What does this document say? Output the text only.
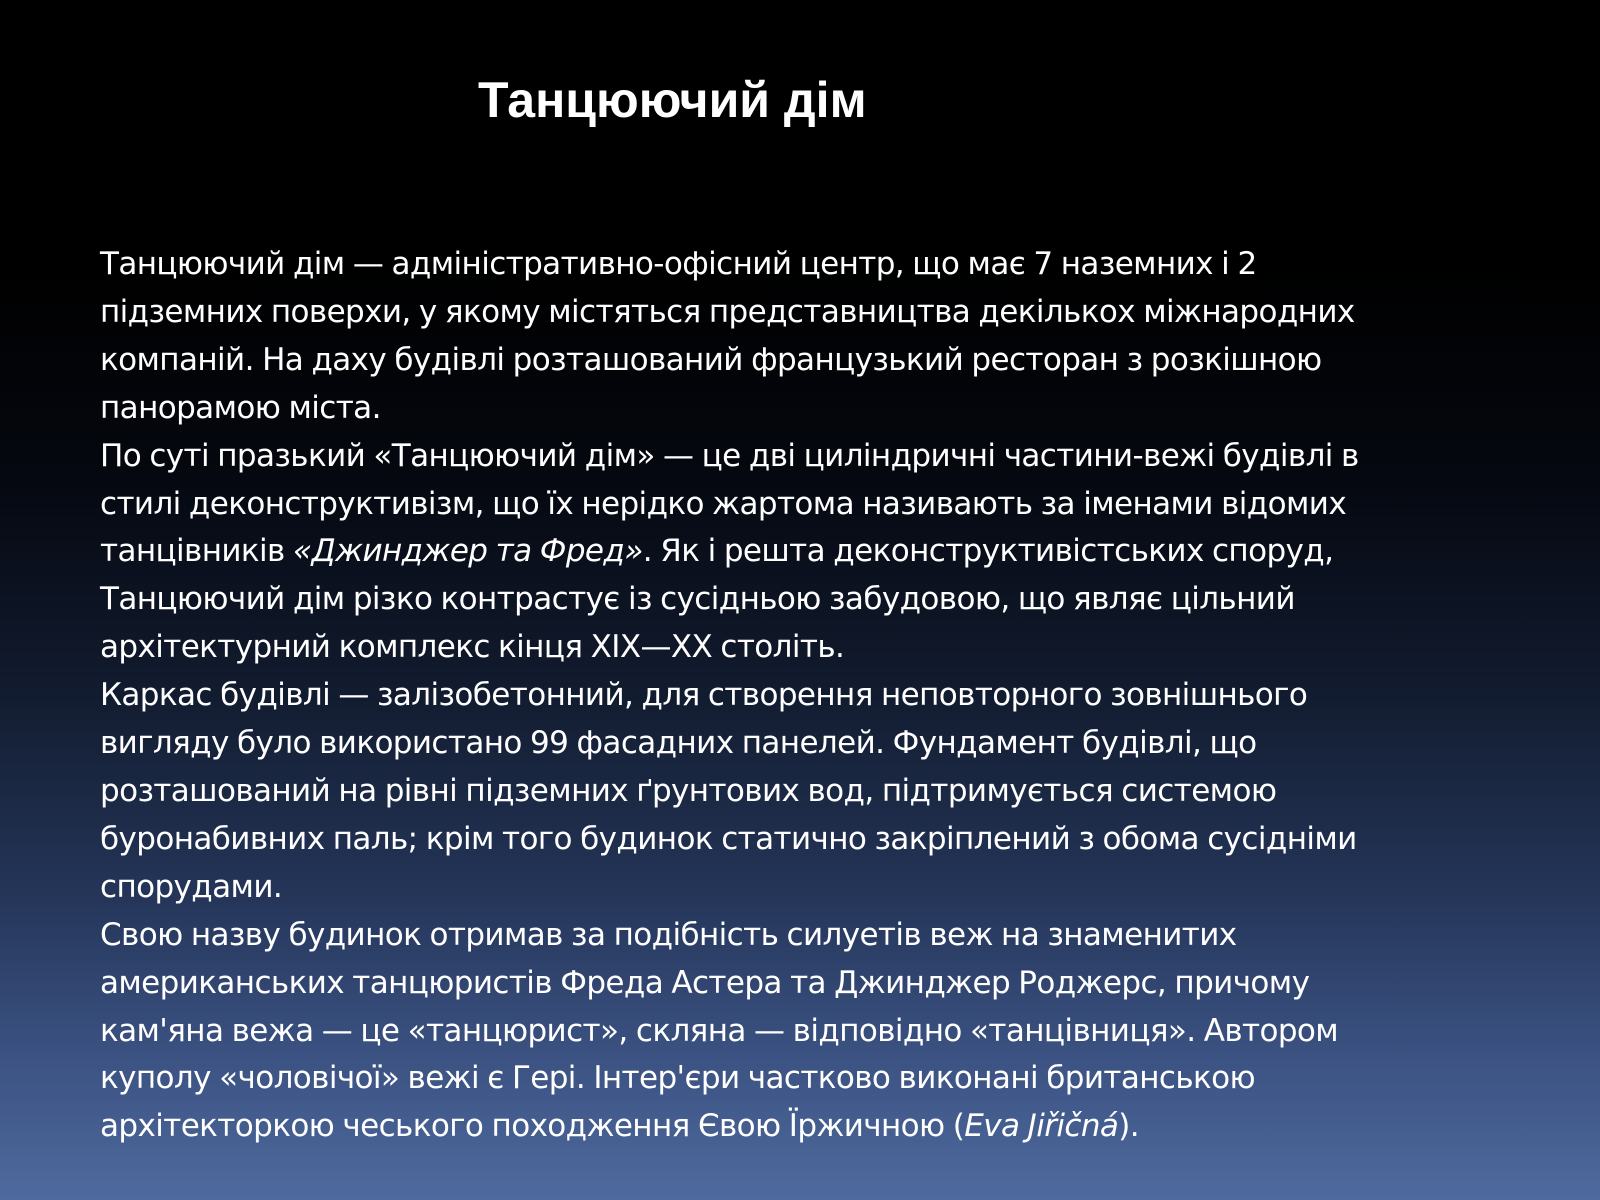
Танцюючий дім
Танцюючий дім — адміністративно-офісний центр, що має 7 наземних і 2
підземних поверхи, у якому містяться представництва декількох міжнародних
компаній. На даху будівлі розташований французький ресторан з розкішною
панорамою міста.
По суті празький «Танцюючий дім» — це дві циліндричні частини-вежі будівлі в
стилі деконструктивізм, що їх нерідко жартома називають за іменами відомих
танцівників «Джинджер та Фред». Як і решта деконструктивістських споруд,
Танцюючий дім різко контрастує із сусідньою забудовою, що являє цільний
архітектурний комплекс кінця XIX—XX століть.
Каркас будівлі — залізобетонний, для створення неповторного зовнішнього
вигляду було використано 99 фасадних панелей. Фундамент будівлі, що
розташований на рівні підземних ґрунтових вод, підтримується системою
буронабивних паль; крім того будинок статично закріплений з обома сусідніми
спорудами.
Свою назву будинок отримав за подібність силуетів веж на знаменитих
американських танцюристів Фреда Астера та Джинджер Роджерс, причому
кам'яна вежа — це «танцюрист», скляна — відповідно «танцівниця». Автором
куполу «чоловічої» вежі є Гері. Інтер'єри частково виконані британською
архітекторкою чеського походження Євою Їржичною (Eva Jiřičná).
